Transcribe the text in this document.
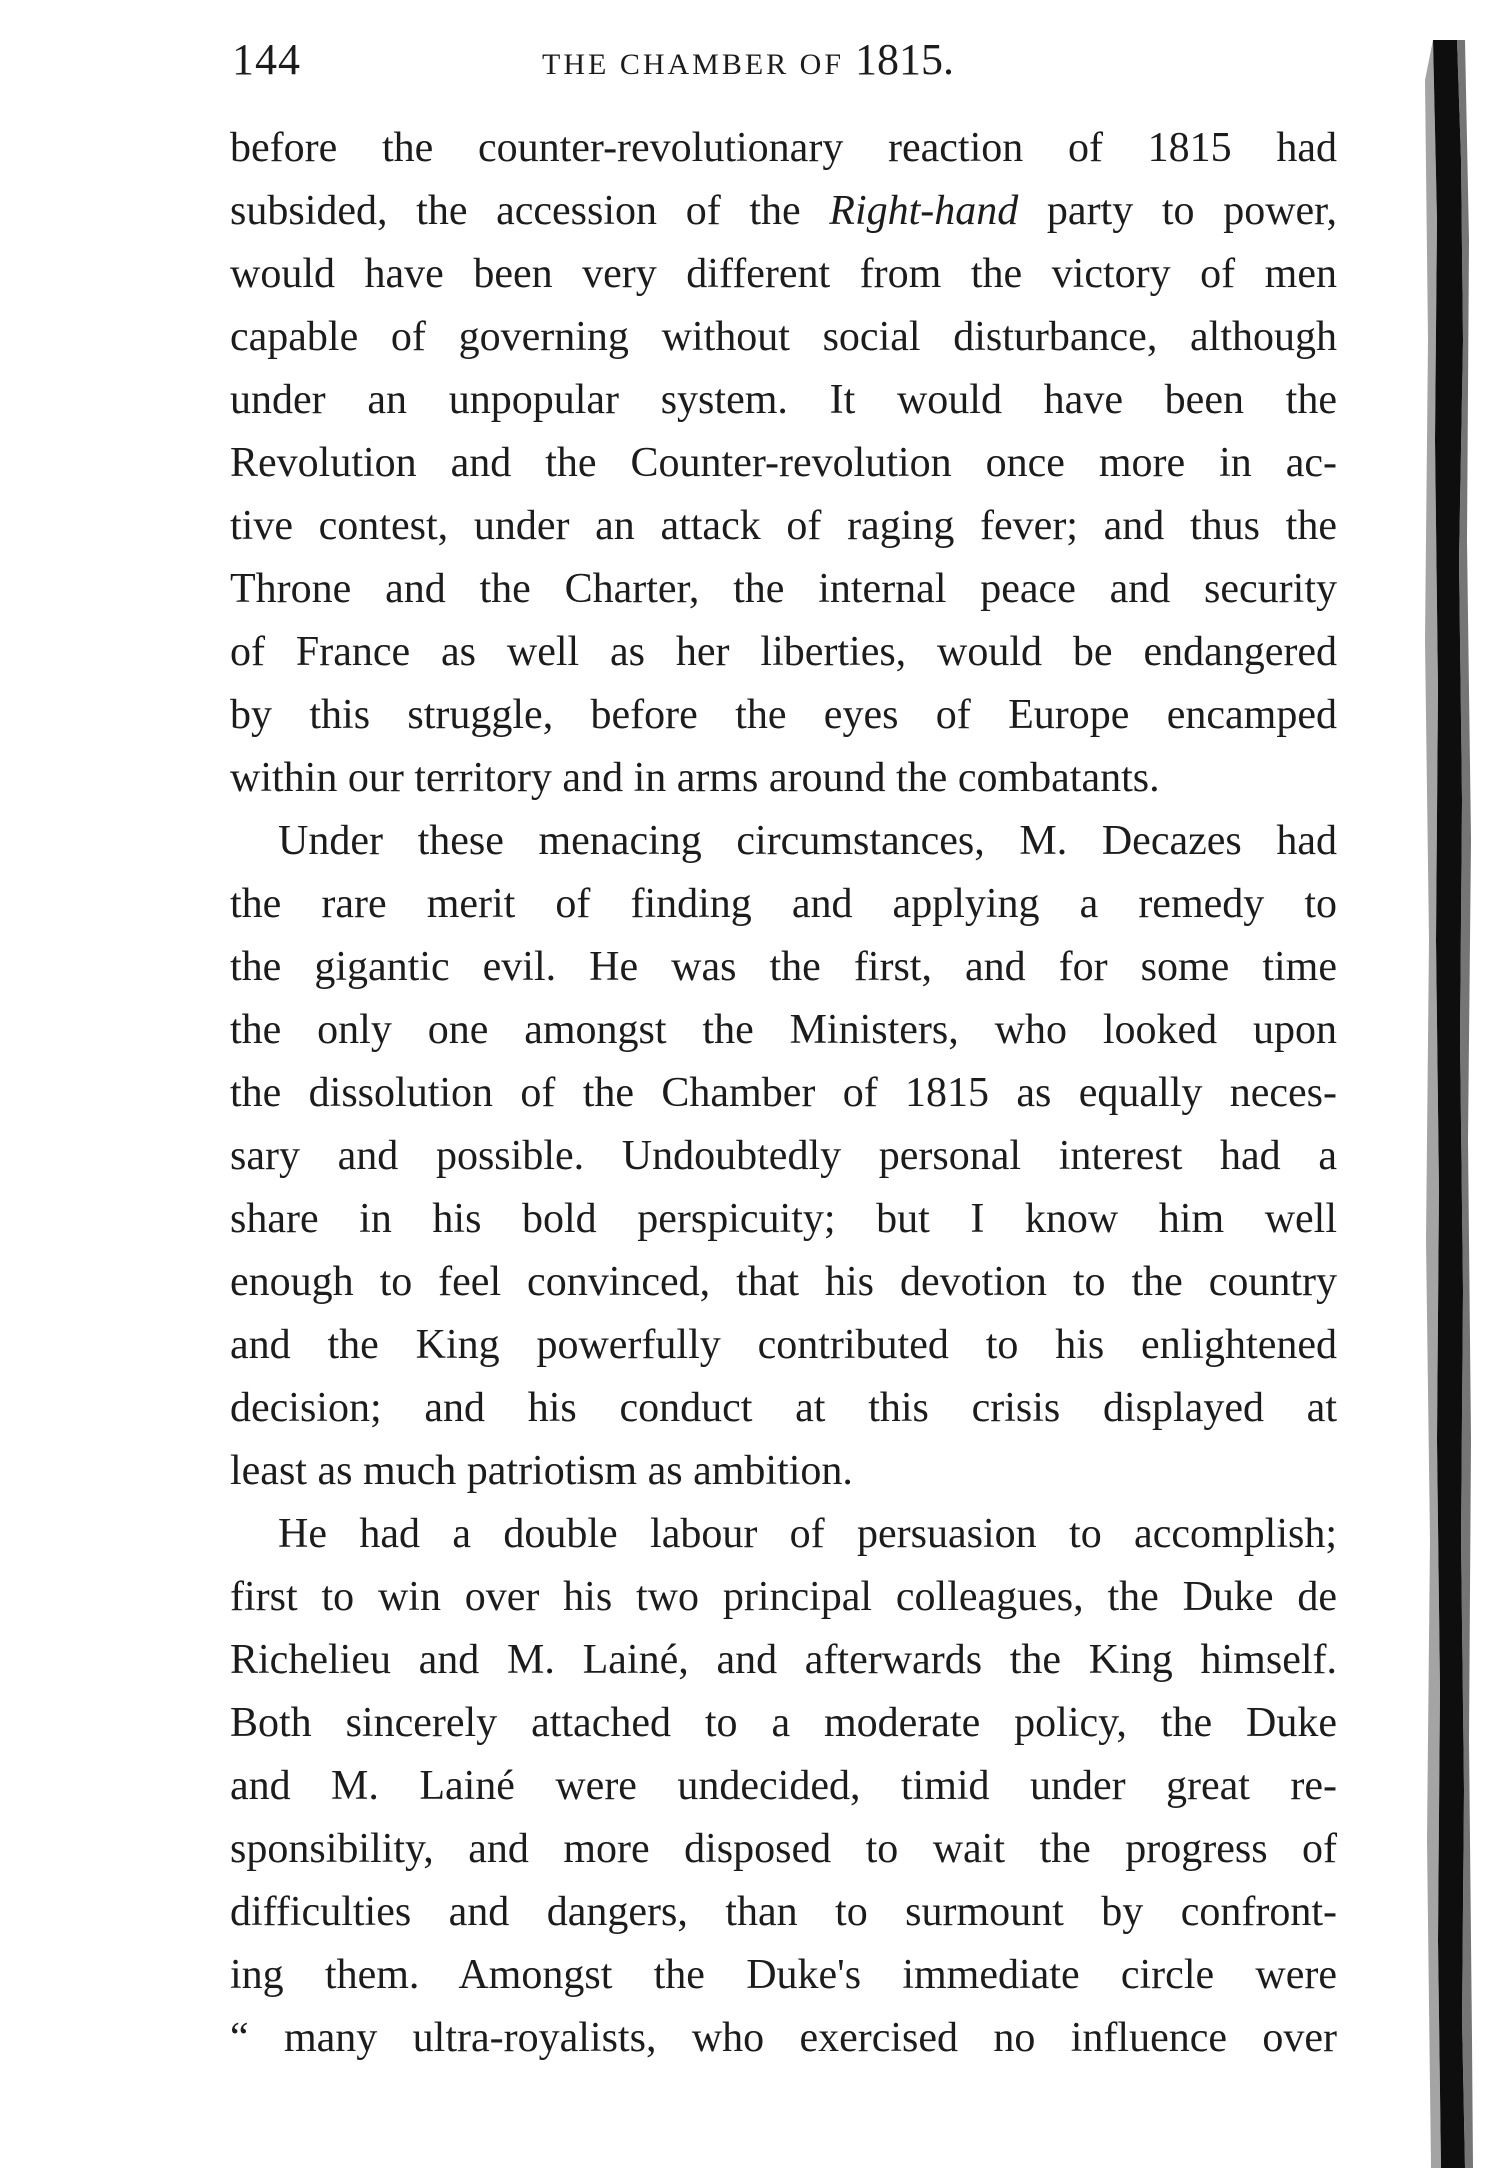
144	THE CHAMBER OF 1815.
before the counter-revolutionary reaction of 1815 had
subsided, the accession of the Right-hand party to power,
would have been very different from the victory of men
capable of governing without social disturbance, although
under an unpopular system. It would have been the
Revolution and the Counter-revolution once more in ac-
tive contest, under an attack of raging fever; and thus the
Throne and the Charter, the internal peace and security
of France as well as her liberties, would be endangered
by this struggle, before the eyes of Europe encamped
within our territory and in arms around the combatants.
Under these menacing circumstances, M. Decazes had
the rare merit of finding and applying a remedy to
the gigantic evil. He was the first, and for some time
the only one amongst the Ministers, who looked upon
the dissolution of the Chamber of 1815 as equally neces-
sary and possible. Undoubtedly personal interest had a
share in his bold perspicuity; but I know him well
enough to feel convinced, that his devotion to the country
and the King powerfully contributed to his enlightened
decision; and his conduct at this crisis displayed at
least as much patriotism as ambition.
He had a double labour of persuasion to accomplish;
first to win over his two principal colleagues, the Duke de
Richelieu and M. Lainé, and afterwards the King himself.
Both sincerely attached to a moderate policy, the Duke
and M. Lainé were undecided, timid under great re-
sponsibility, and more disposed to wait the progress of
difficulties and dangers, than to surmount by confront-
ing them. Amongst the Duke's immediate circle were
“ many ultra-royalists, who exercised no influence over
